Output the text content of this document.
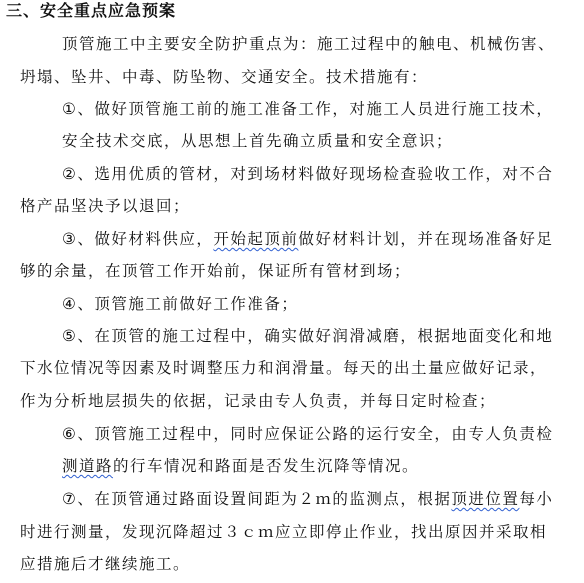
三、安全重点应急预案
顶管施工中主要安全防护重点为：施工过程中的触电、机械伤害、
坍塌、坠井、中毒、防坠物、交通安全。技术措施有：
①、做好顶管施工前的施工准备工作，对施工人员进行施工技术，
安全技术交底，从思想上首先确立质量和安全意识；
②、选用优质的管材，对到场材料做好现场检查验收工作，对不合
格产品坚决予以退回；
③、做好材料供应，开始起顶前做好材料计划，并在现场准备好足
够的余量，在顶管工作开始前，保证所有管材到场；
④、顶管施工前做好工作准备；
⑤、在顶管的施工过程中，确实做好润滑减磨，根据地面变化和地
下水位情况等因素及时调整压力和润滑量。每天的出土量应做好记录，
作为分析地层损失的依据，记录由专人负责，并每日定时检查；
⑥、顶管施工过程中，同时应保证公路的运行安全，由专人负责检
测道路的行车情况和路面是否发生沉降等情况。
⑦、在顶管通过路面设置间距为２ｍ的监测点，根据顶进位置每小
时进行测量，发现沉降超过３ｃｍ应立即停止作业，找出原因并采取相
应措施后才继续施工。
